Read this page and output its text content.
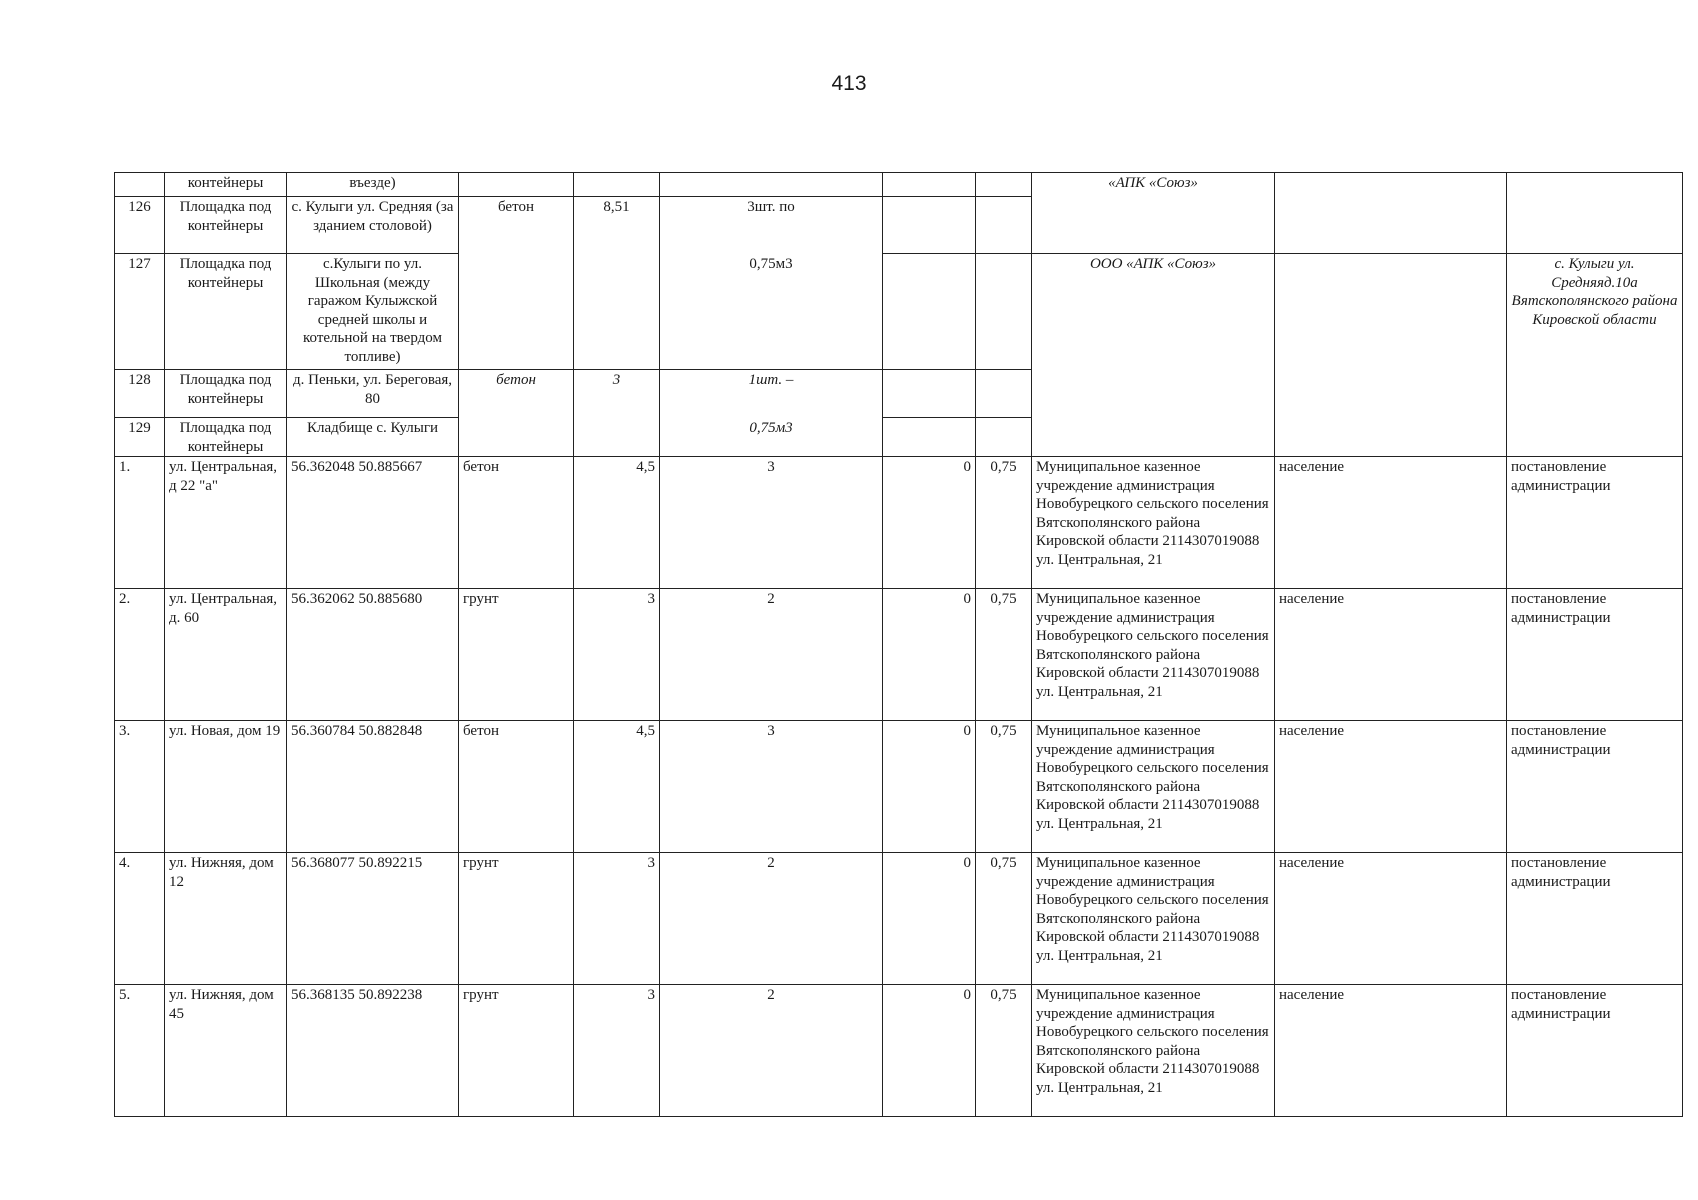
413
	контейнеры	въезде)						«АПК «Союз»		
126	Площадка под контейнеры	с. Кулыги ул. Средняя (за зданием столовой)	бетон	8,51	3шт. по					
127	Площадка под контейнеры	с.Кулыги по ул. Школьная (между гаражом Кулыжской средней школы и котельной на твердом топливе)			0,75м3			ООО «АПК «Союз»		с. Кулыги ул. Средняяд.10а Вятскополянского района Кировской области
128	Площадка под контейнеры	д. Пеньки, ул. Береговая, 80	бетон	3	1шт. –					
129	Площадка под контейнеры	Кладбище с. Кулыги			0,75м3					
1.	ул. Центральная, д 22 "а"	56.362048 50.885667	бетон	4,5	3	0	0,75	Муниципальное казенное учреждение администрация Новобурецкого сельского поселения Вятскополянского района Кировской области 2114307019088 ул. Центральная, 21	население	постановление администрации
2.	ул. Центральная, д. 60	56.362062 50.885680	грунт	3	2	0	0,75	Муниципальное казенное учреждение администрация Новобурецкого сельского поселения Вятскополянского района Кировской области 2114307019088 ул. Центральная, 21	население	постановление администрации
3.	ул. Новая, дом 19	56.360784 50.882848	бетон	4,5	3	0	0,75	Муниципальное казенное учреждение администрация Новобурецкого сельского поселения Вятскополянского района Кировской области 2114307019088 ул. Центральная, 21	население	постановление администрации
4.	ул. Нижняя, дом 12	56.368077 50.892215	грунт	3	2	0	0,75	Муниципальное казенное учреждение администрация Новобурецкого сельского поселения Вятскополянского района Кировской области 2114307019088 ул. Центральная, 21	население	постановление администрации
5.	ул. Нижняя, дом 45	56.368135 50.892238	грунт	3	2	0	0,75	Муниципальное казенное учреждение администрация Новобурецкого сельского поселения Вятскополянского района Кировской области 2114307019088 ул. Центральная, 21	население	постановление администрации
